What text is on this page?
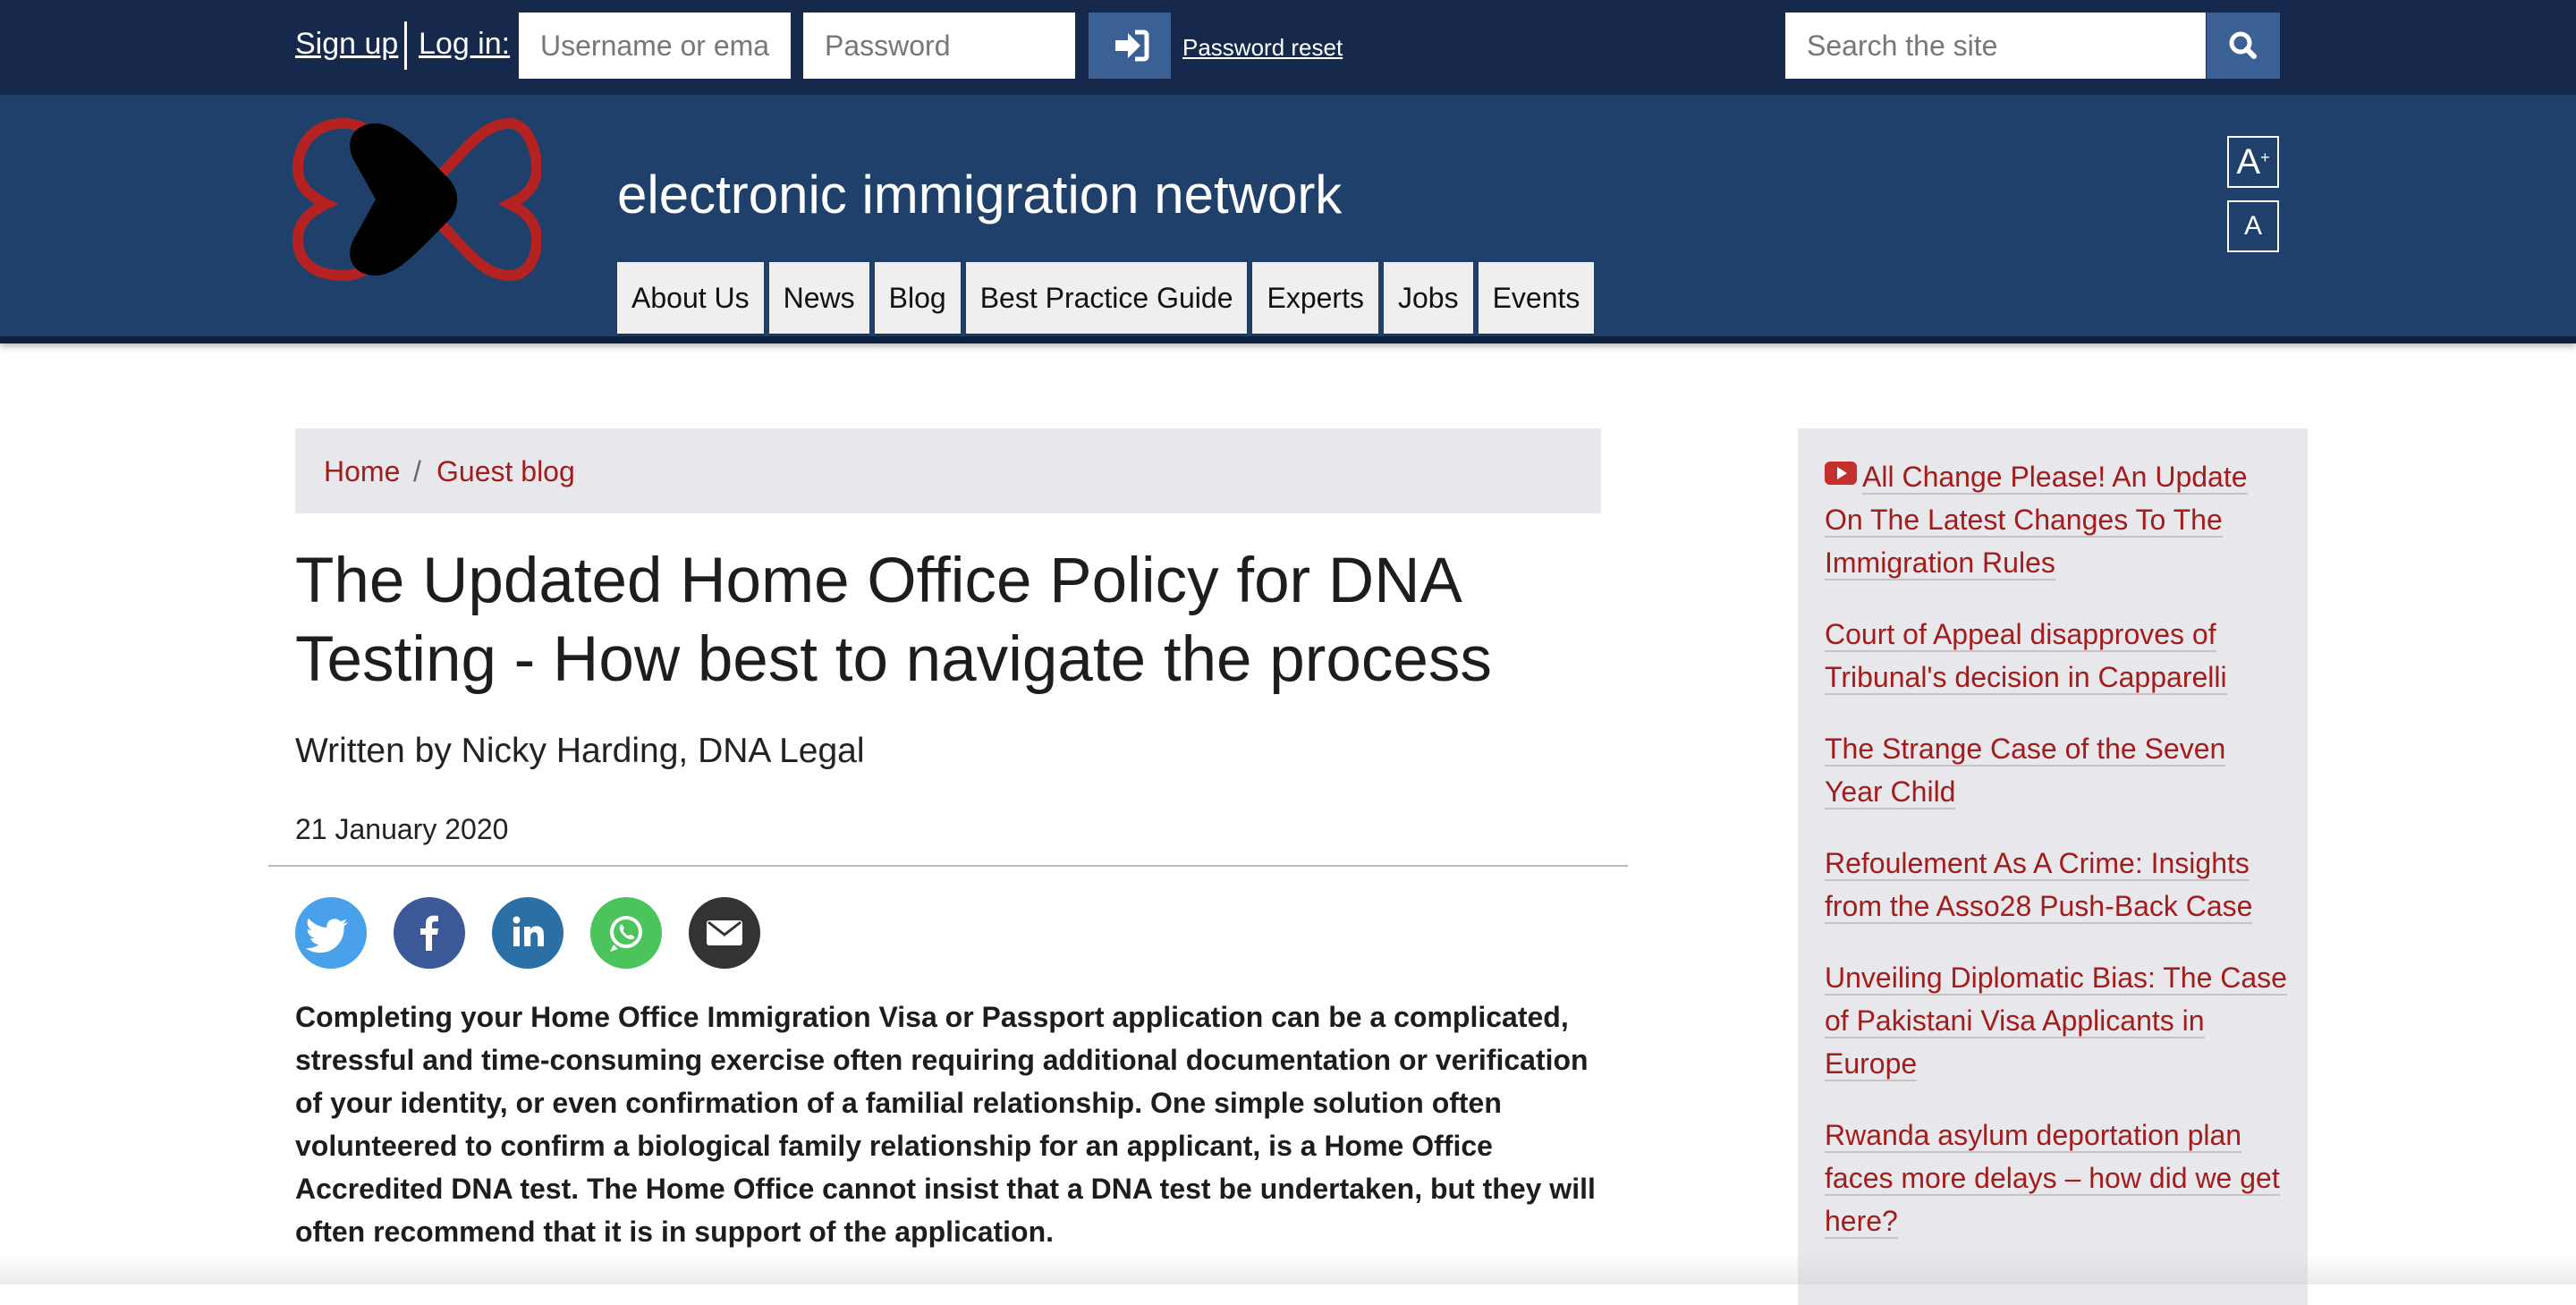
Sign up Log in:	Username or ema	Password	Password reset	Search the site
electronic immigration network
A+
A
About Us	News	Blog	Best Practice Guide	Experts	Jobs	Events
Home / Guest blog
The Updated Home Office Policy for DNA Testing - How best to navigate the process
Written by Nicky Harding, DNA Legal
21 January 2020

Completing your Home Office Immigration Visa or Passport application can be a complicated, stressful and time-consuming exercise often requiring additional documentation or verification of your identity, or even confirmation of a familial relationship. One simple solution often volunteered to confirm a biological family relationship for an applicant, is a Home Office Accredited DNA test. The Home Office cannot insist that a DNA test be undertaken, but they will often recommend that it is in support of the application.

All Change Please! An Update On The Latest Changes To The Immigration Rules
Court of Appeal disapproves of Tribunal's decision in Capparelli
The Strange Case of the Seven Year Child
Refoulement As A Crime: Insights from the Asso28 Push-Back Case
Unveiling Diplomatic Bias: The Case of Pakistani Visa Applicants in Europe
Rwanda asylum deportation plan faces more delays – how did we get here?
